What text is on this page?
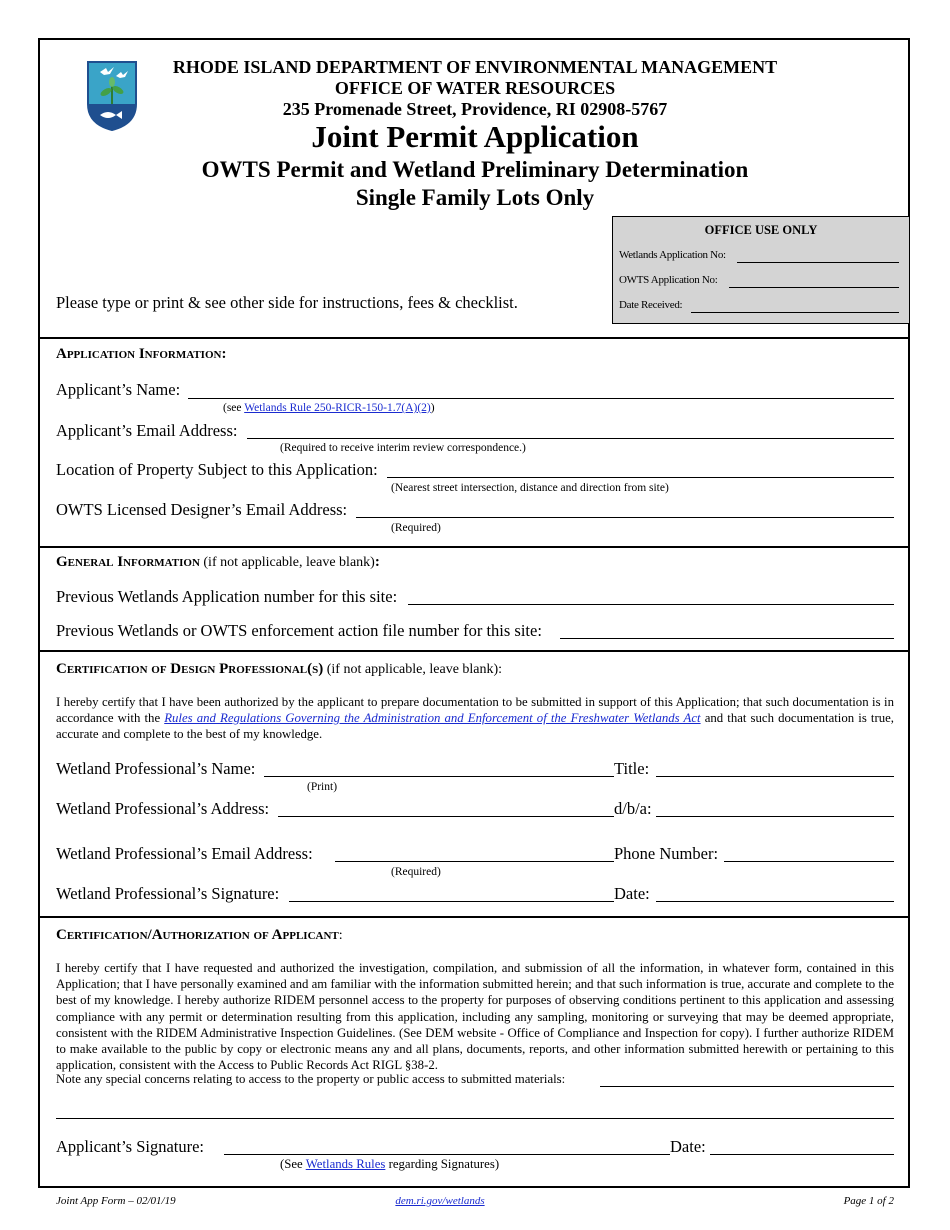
RHODE ISLAND DEPARTMENT OF ENVIRONMENTAL MANAGEMENT
OFFICE OF WATER RESOURCES
235 Promenade Street, Providence, RI 02908-5767
Joint Permit Application
OWTS Permit and Wetland Preliminary Determination
Single Family Lots Only
Please type or print & see other side for instructions, fees & checklist.
OFFICE USE ONLY
Wetlands Application No:
OWTS Application No:
Date Received:
Application Information:
Applicant’s Name:
(see Wetlands Rule 250-RICR-150-1.7(A)(2))
Applicant’s Email Address:
(Required to receive interim review correspondence.)
Location of Property Subject to this Application:
(Nearest street intersection, distance and direction from site)
OWTS Licensed Designer’s Email Address:
(Required)
General Information (if not applicable, leave blank):
Previous Wetlands Application number for this site:
Previous Wetlands or OWTS enforcement action file number for this site:
Certification of Design Professional(s) (if not applicable, leave blank):
I hereby certify that I have been authorized by the applicant to prepare documentation to be submitted in support of this Application; that such documentation is in accordance with the Rules and Regulations Governing the Administration and Enforcement of the Freshwater Wetlands Act and that such documentation is true, accurate and complete to the best of my knowledge.
Wetland Professional’s Name:	Title:
(Print)
Wetland Professional’s Address:	d/b/a:
Wetland Professional’s Email Address:	Phone Number:
(Required)
Wetland Professional’s Signature:	Date:
Certification/Authorization of Applicant:
I hereby certify that I have requested and authorized the investigation, compilation, and submission of all the information, in whatever form, contained in this Application; that I have personally examined and am familiar with the information submitted herein; and that such information is true, accurate and complete to the best of my knowledge. I hereby authorize RIDEM personnel access to the property for purposes of observing conditions pertinent to this application and assessing compliance with any permit or determination resulting from this application, including any sampling, monitoring or surveying that may be deemed appropriate, consistent with the RIDEM Administrative Inspection Guidelines. (See DEM website - Office of Compliance and Inspection for copy). I further authorize RIDEM to make available to the public by copy or electronic means any and all plans, documents, reports, and other information submitted herewith or pertaining to this application, consistent with the Access to Public Records Act RIGL §38-2.
Note any special concerns relating to access to the property or public access to submitted materials:
Applicant’s Signature:	Date:
(See Wetlands Rules regarding Signatures)
Joint App Form – 02/01/19	dem.ri.gov/wetlands	Page 1 of 2
